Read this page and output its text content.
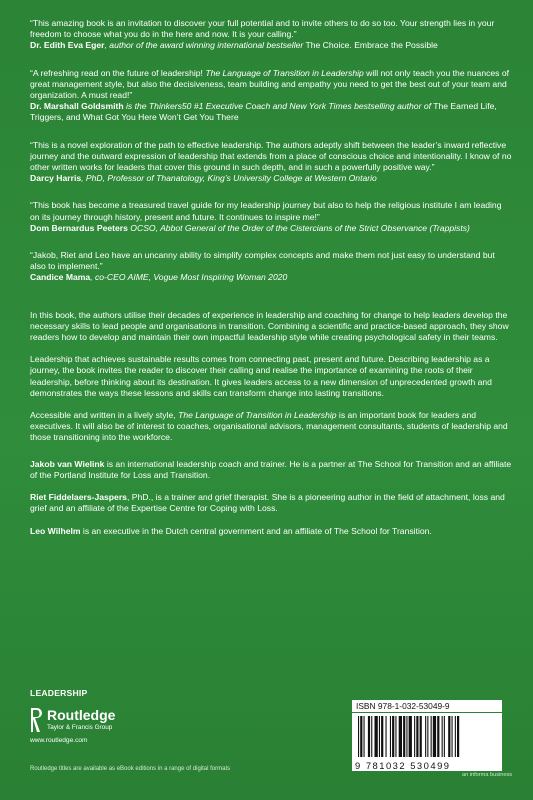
“This amazing book is an invitation to discover your full potential and to invite others to do so too. Your strength lies in your freedom to choose what you do in the here and now. It is your calling.”
Dr. Edith Eva Eger, author of the award winning international bestseller The Choice. Embrace the Possible
“A refreshing read on the future of leadership! The Language of Transition in Leadership will not only teach you the nuances of great management style, but also the decisiveness, team building and empathy you need to get the best out of your team and organization. A must read!”
Dr. Marshall Goldsmith is the Thinkers50 #1 Executive Coach and New York Times bestselling author of The Earned Life, Triggers, and What Got You Here Won’t Get You There
“This is a novel exploration of the path to effective leadership. The authors adeptly shift between the leader’s inward reflective journey and the outward expression of leadership that extends from a place of conscious choice and intentionality. I know of no other written works for leaders that cover this ground in such depth, and in such a powerfully positive way.”
Darcy Harris, PhD, Professor of Thanatology, King’s University College at Western Ontario
“This book has become a treasured travel guide for my leadership journey but also to help the religious institute I am leading on its journey through history, present and future. It continues to inspire me!”
Dom Bernardus Peeters OCSO, Abbot General of the Order of the Cistercians of the Strict Observance (Trappists)
“Jakob, Riet and Leo have an uncanny ability to simplify complex concepts and make them not just easy to understand but also to implement.”
Candice Mama, co-CEO AIME, Vogue Most Inspiring Woman 2020

In this book, the authors utilise their decades of experience in leadership and coaching for change to help leaders develop the necessary skills to lead people and organisations in transition. Combining a scientific and practice-based approach, they show readers how to develop and maintain their own impactful leadership style while creating psychological safety in their teams.

Leadership that achieves sustainable results comes from connecting past, present and future. Describing leadership as a journey, the book invites the reader to discover their calling and realise the importance of examining the roots of their leadership, before thinking about its destination. It gives leaders access to a new dimension of unprecedented growth and demonstrates the ways these lessons and skills can transform change into lasting transitions.

Accessible and written in a lively style, The Language of Transition in Leadership is an important book for leaders and executives. It will also be of interest to coaches, organisational advisors, management consultants, students of leadership and those transitioning into the workforce.

Jakob van Wielink is an international leadership coach and trainer. He is a partner at The School for Transition and an affiliate of the Portland Institute for Loss and Transition.

Riet Fiddelaers-Jaspers, PhD., is a trainer and grief therapist. She is a pioneering author in the field of attachment, loss and grief and an affiliate of the Expertise Centre for Coping with Loss.

Leo Wilhelm is an executive in the Dutch central government and an affiliate of The School for Transition.

LEADERSHIP
Routledge
Taylor & Francis Group
www.routledge.com
Routledge titles are available as eBook editions in a range of digital formats
ISBN 978-1-032-53049-9
9 781032 530499
an informa business
